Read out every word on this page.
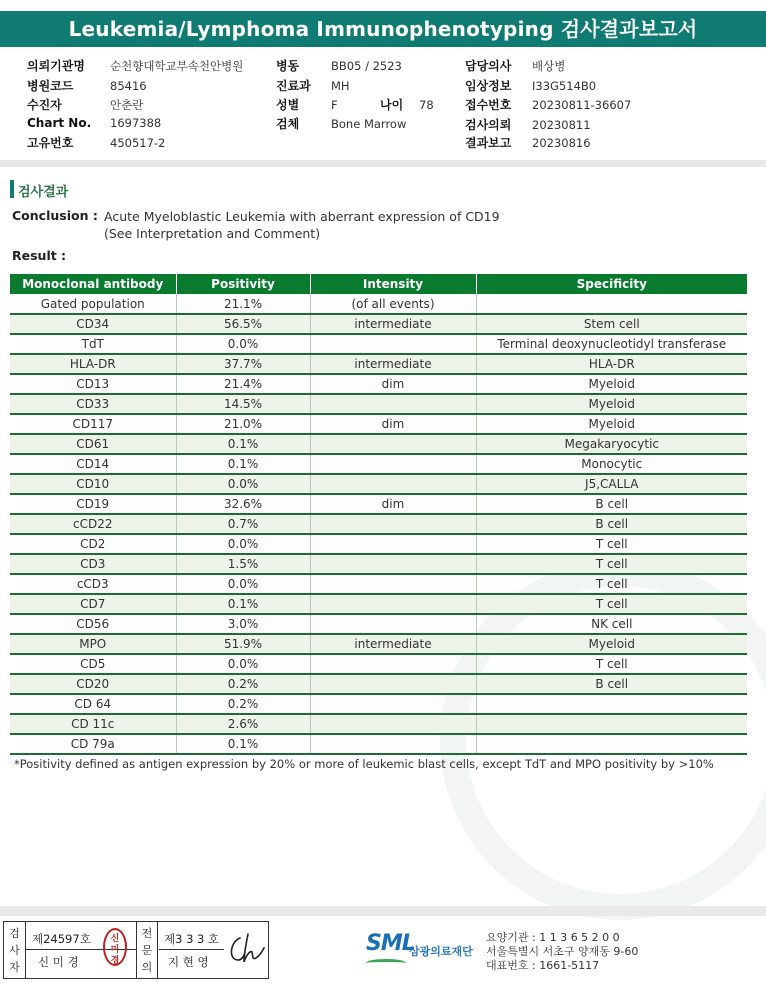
Leukemia/Lymphoma Immunophenotyping 검사결과보고서
의뢰기관명 순천향대학교부속천안병원
병원코드	85416
수진자	안춘란
Chart No. 1697388
고유번호	450517-2
병동	BB05 / 2523
진료과 MH
성별	F	나이 78
검체	Bone Marrow
담당의사 배상병
임상정보 I33G514B0
접수번호 20230811-36607
검사의뢰 20230811
결과보고 20230816
검사결과
Conclusion : Acute Myeloblastic Leukemia with aberrant expression of CD19
(See Interpretation and Comment)
Result :
Monoclonal antibody	Positivity	Intensity	Specificity
Gated population	21.1%	(of all events)	
CD34	56.5%	intermediate	Stem cell
TdT	0.0%		Terminal deoxynucleotidyl transferase
HLA-DR	37.7%	intermediate	HLA-DR
CD13	21.4%	dim	Myeloid
CD33	14.5%		Myeloid
CD117	21.0%	dim	Myeloid
CD61	0.1%		Megakaryocytic
CD14	0.1%		Monocytic
CD10	0.0%		J5,CALLA
CD19	32.6%	dim	B cell
cCD22	0.7%		B cell
CD2	0.0%		T cell
CD3	1.5%		T cell
cCD3	0.0%		T cell
CD7	0.1%		T cell
CD56	3.0%		NK cell
MPO	51.9%	intermediate	Myeloid
CD5	0.0%		T cell
CD20	0.2%		B cell
CD 64	0.2%		
CD 11c	2.6%		
CD 79a	0.1%		
*Positivity defined as antigen expression by 20% or more of leukemic blast cells, except TdT and MPO positivity by >10%
검사자
제24597호
신 미 경
신미경
전문의
제3 3 3 호
지 현 영
SML
삼광의료재단
요양기관 : 1 1 3 6 5 2 0 0
서울특별시 서초구 양재동 9-60
대표번호 : 1661-5117
